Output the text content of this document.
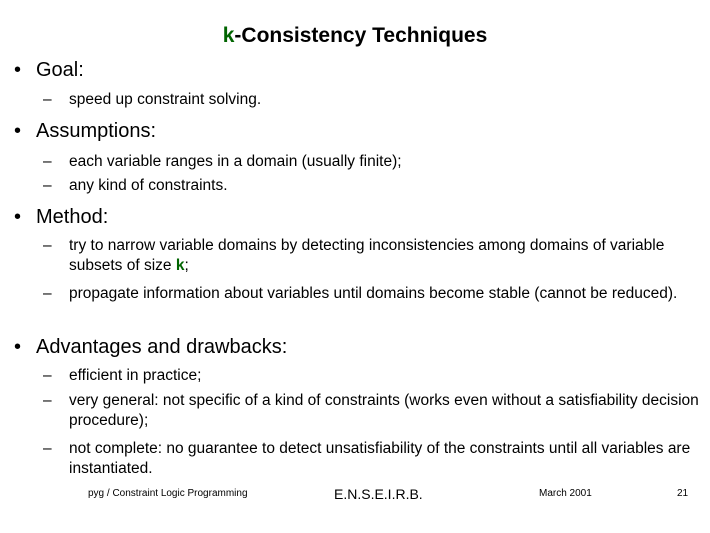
k-Consistency Techniques
• Goal:
– speed up constraint solving.
• Assumptions:
– each variable ranges in a domain (usually finite);
– any kind of constraints.
• Method:
– try to narrow variable domains by detecting inconsistencies among domains of variable subsets of size k;
– propagate information about variables until domains become stable (cannot be reduced).
• Advantages and drawbacks:
– efficient in practice;
– very general: not specific of a kind of constraints (works even without a satisfiability decision procedure);
– not complete: no guarantee to detect unsatisfiability of the constraints until all variables are instantiated.
pyg / Constraint Logic Programming	E.N.S.E.I.R.B.	March 2001	21
